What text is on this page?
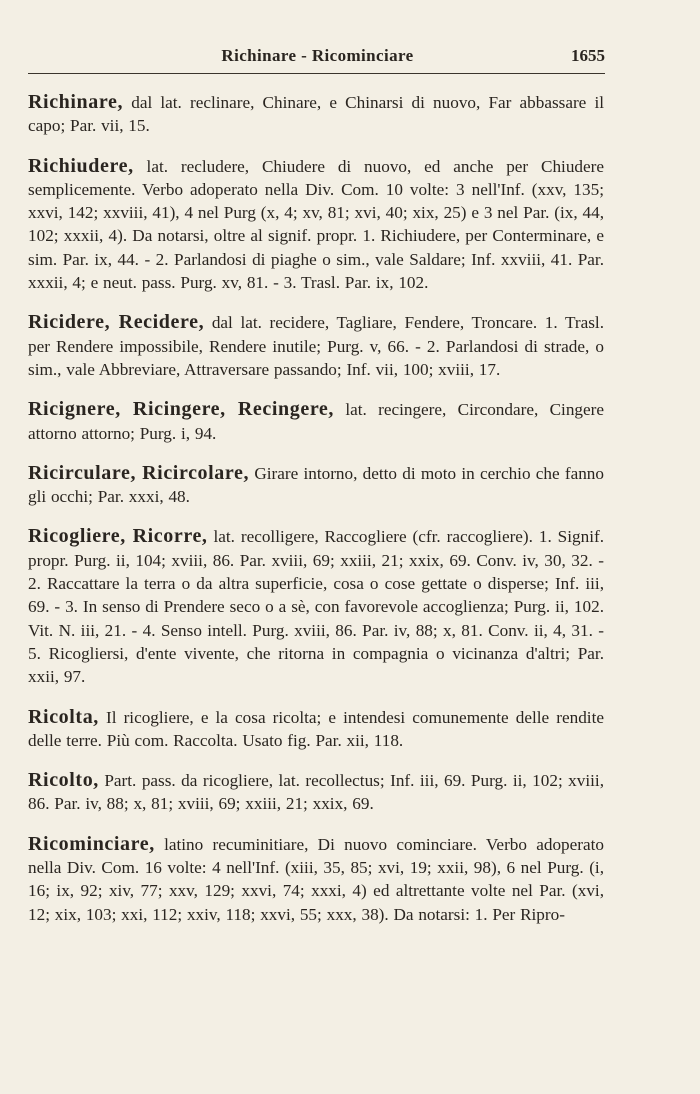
Richinare - Ricominciare	1655

Richinare, dal lat. reclinare, Chinare, e Chinarsi di nuovo, Far abbassare il capo; Par. vii, 15.

Richiudere, lat. recludere, Chiudere di nuovo, ed anche per Chiudere semplicemente. Verbo adoperato nella Div. Com. 10 volte: 3 nell'Inf. (xxv, 135; xxvi, 142; xxviii, 41), 4 nel Purg (x, 4; xv, 81; xvi, 40; xix, 25) e 3 nel Par. (ix, 44, 102; xxxii, 4). Da notarsi, oltre al signif. propr. 1. Richiudere, per Conterminare, e sim. Par. ix, 44. - 2. Parlandosi di piaghe o sim., vale Saldare; Inf. xxviii, 41. Par. xxxii, 4; e neut. pass. Purg. xv, 81. - 3. Trasl. Par. ix, 102.

Ricidere, Recidere, dal lat. recidere, Tagliare, Fendere, Troncare. 1. Trasl. per Rendere impossibile, Rendere inutile; Purg. v, 66. - 2. Parlandosi di strade, o sim., vale Abbreviare, Attraversare passando; Inf. vii, 100; xviii, 17.

Ricignere, Ricingere, Recingere, lat. recingere, Circondare, Cingere attorno attorno; Purg. i, 94.

Ricirculare, Ricircolare, Girare intorno, detto di moto in cerchio che fanno gli occhi; Par. xxxi, 48.

Ricogliere, Ricorre, lat. recolligere, Raccogliere (cfr. raccogliere). 1. Signif. propr. Purg. ii, 104; xviii, 86. Par. xviii, 69; xxiii, 21; xxix, 69. Conv. iv, 30, 32. - 2. Raccattare la terra o da altra superficie, cosa o cose gettate o disperse; Inf. iii, 69. - 3. In senso di Prendere seco o a sè, con favorevole accoglienza; Purg. ii, 102. Vit. N. iii, 21. - 4. Senso intell. Purg. xviii, 86. Par. iv, 88; x, 81. Conv. ii, 4, 31. - 5. Ricogliersi, d'ente vivente, che ritorna in compagnia o vicinanza d'altri; Par. xxii, 97.

Ricolta, Il ricogliere, e la cosa ricolta; e intendesi comunemente delle rendite delle terre. Più com. Raccolta. Usato fig. Par. xii, 118.

Ricolto, Part. pass. da ricogliere, lat. recollectus; Inf. iii, 69. Purg. ii, 102; xviii, 86. Par. iv, 88; x, 81; xviii, 69; xxiii, 21; xxix, 69.

Ricominciare, latino recuminitiare, Di nuovo cominciare. Verbo adoperato nella Div. Com. 16 volte: 4 nell'Inf. (xiii, 35, 85; xvi, 19; xxii, 98), 6 nel Purg. (i, 16; ix, 92; xiv, 77; xxv, 129; xxvi, 74; xxxi, 4) ed altrettante volte nel Par. (xvi, 12; xix, 103; xxi, 112; xxiv, 118; xxvi, 55; xxx, 38). Da notarsi: 1. Per Ripro-
